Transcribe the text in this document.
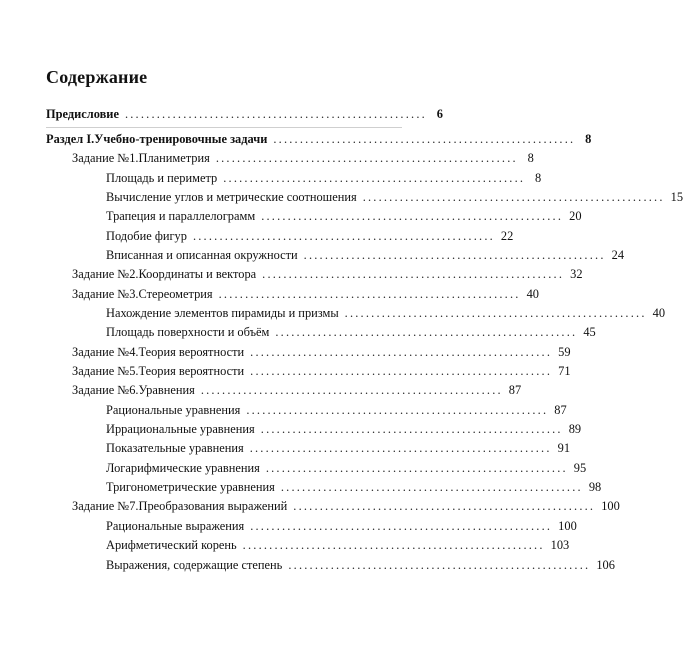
Содержание
Предисловие ......................................................... 6
Раздел I. Учебно-тренировочные задачи ......................................................... 8
Задание №1. Планиметрия ......................................................... 8
Площадь и периметр ......................................................... 8
Вычисление углов и метрические соотношения ......................................................... 15
Трапеция и параллелограмм ......................................................... 20
Подобие фигур ......................................................... 22
Вписанная и описанная окружности ......................................................... 24
Задание №2. Координаты и вектора ......................................................... 32
Задание №3. Стереометрия ......................................................... 40
Нахождение элементов пирамиды и призмы ......................................................... 40
Площадь поверхности и объём ......................................................... 45
Задание №4. Теория вероятности ......................................................... 59
Задание №5. Теория вероятности ......................................................... 71
Задание №6. Уравнения ......................................................... 87
Рациональные уравнения ......................................................... 87
Иррациональные уравнения ......................................................... 89
Показательные уравнения ......................................................... 91
Логарифмические уравнения ......................................................... 95
Тригонометрические уравнения ......................................................... 98
Задание №7. Преобразования выражений ......................................................... 100
Рациональные выражения ......................................................... 100
Арифметический корень ......................................................... 103
Выражения, содержащие степень ......................................................... 106
